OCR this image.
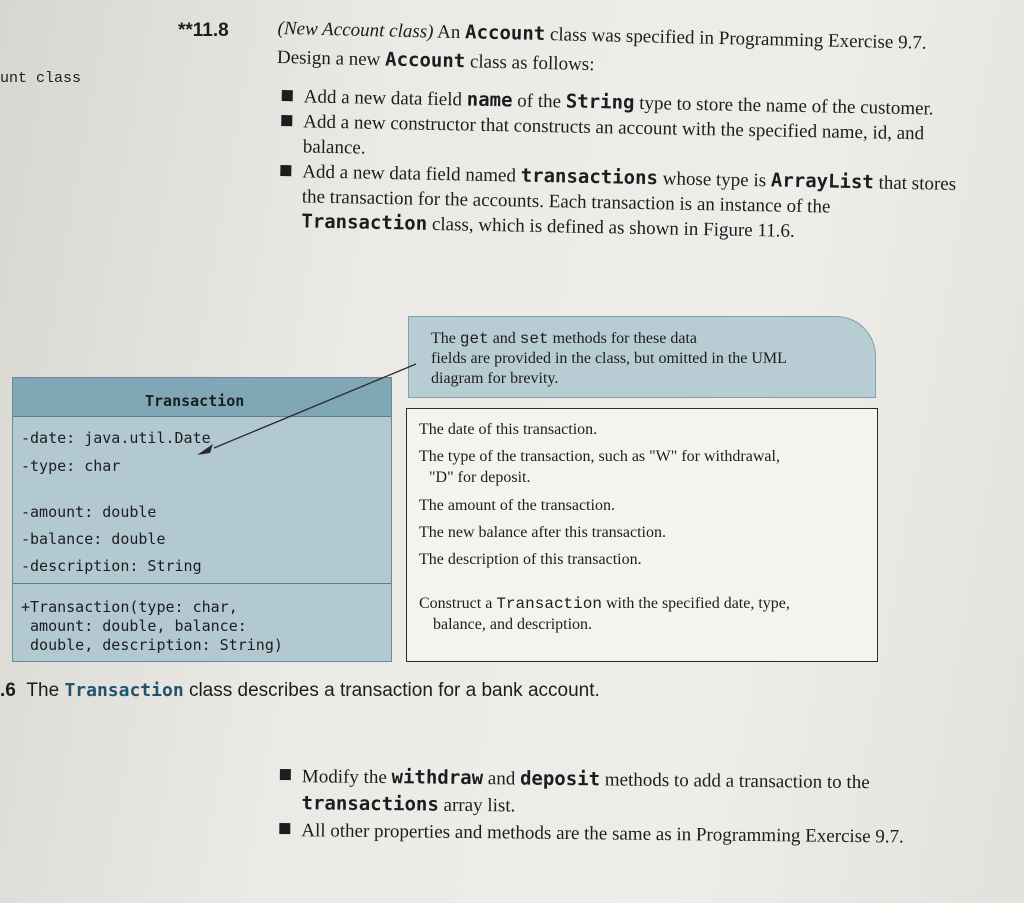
unt class
**11.8	(New Account class) An Account class was specified in Programming Exercise 9.7.
Design a new Account class as follows:
Add a new data field name of the String type to store the name of the customer.
Add a new constructor that constructs an account with the specified name, id, and balance.
Add a new data field named transactions whose type is ArrayList that stores the transaction for the accounts. Each transaction is an instance of the Transaction class, which is defined as shown in Figure 11.6.
The get and set methods for these data
fields are provided in the class, but omitted in the UML
diagram for brevity.
Transaction
-date: java.util.Date
-type: char
-amount: double
-balance: double
-description: String
+Transaction(type: char,
amount: double, balance:
double, description: String)
The date of this transaction.
The type of the transaction, such as "W" for withdrawal,
"D" for deposit.
The amount of the transaction.
The new balance after this transaction.
The description of this transaction.
Construct a Transaction with the specified date, type,
balance, and description.
.6 The Transaction class describes a transaction for a bank account.
Modify the withdraw and deposit methods to add a transaction to the
transactions array list.
All other properties and methods are the same as in Programming Exercise 9.7.
